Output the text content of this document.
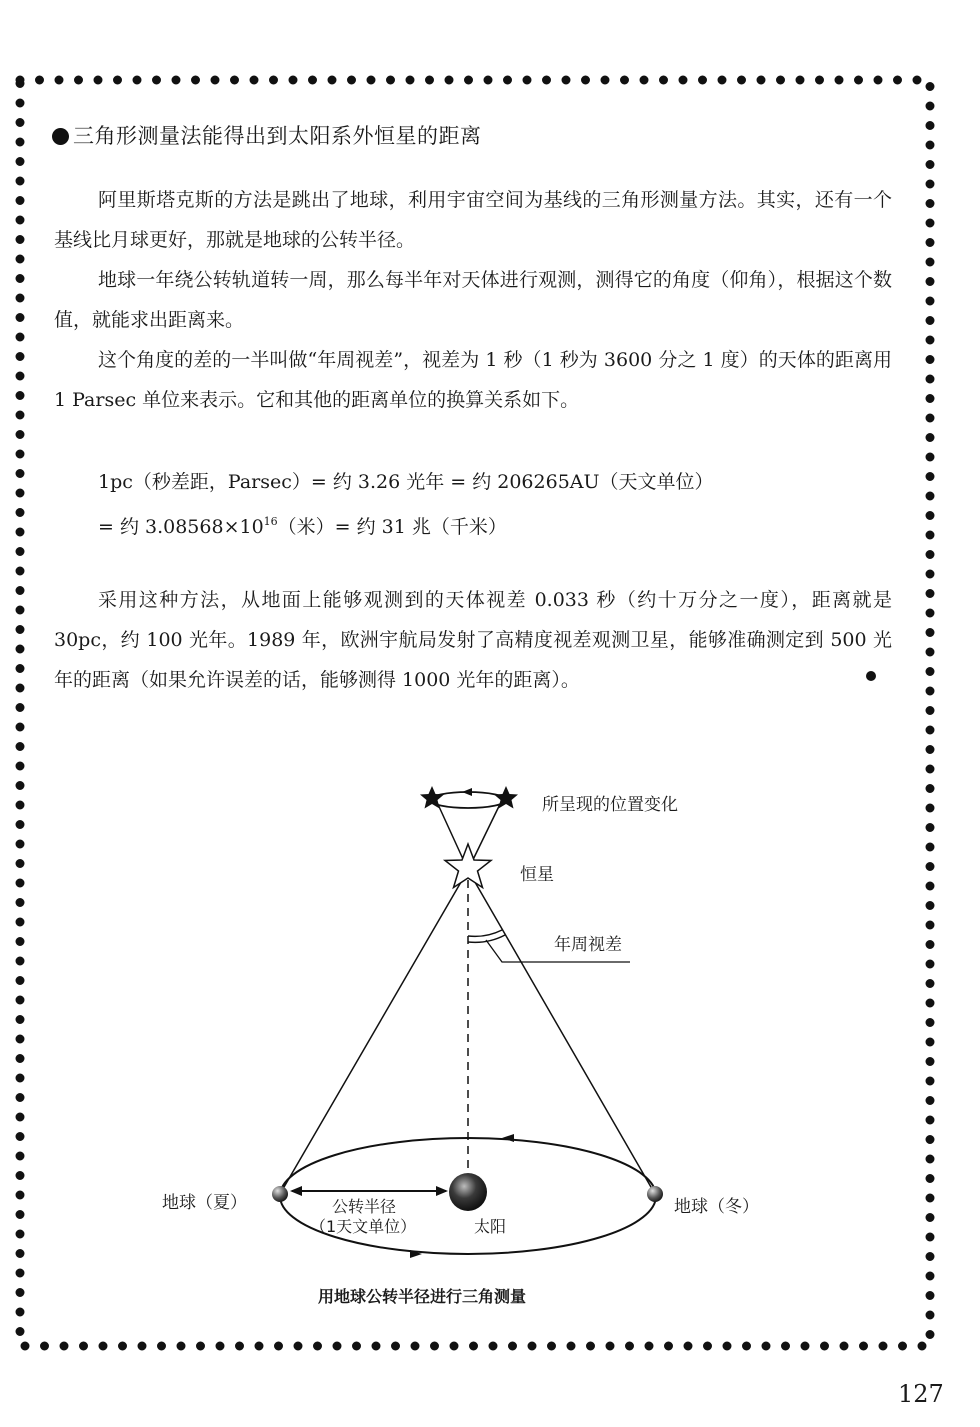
三角形测量法能得出到太阳系外恒星的距离

阿里斯塔克斯的方法是跳出了地球，利用宇宙空间为基线的三角形测量方法。其实，还有一个基线比月球更好，那就是地球的公转半径。

地球一年绕公转轨道转一周，那么每半年对天体进行观测，测得它的角度（仰角），根据这个数值，就能求出距离来。

这个角度的差的一半叫做“年周视差”，视差为 1 秒（1 秒为 3600 分之 1 度）的天体的距离用 1 Parsec 单位来表示。它和其他的距离单位的换算关系如下。

1pc（秒差距，Parsec）= 约 3.26 光年 = 约 206265AU（天文单位）
= 约 $3.08568\times 10^{16}$（米）= 约 31 兆（千米）

采用这种方法，从地面上能够观测到的天体视差 0.033 秒（约十万分之一度），距离就是 30pc，约 100 光年。1989 年，欧洲宇航局发射了高精度视差观测卫星，能够准确测定到 500 光年的距离（如果允许误差的话，能够测得 1000 光年的距离）。

所呈现的位置变化
恒星
年周视差
地球（夏）	地球（冬）
公转半径
（1天文单位）	太阳
用地球公转半径进行三角测量
127
